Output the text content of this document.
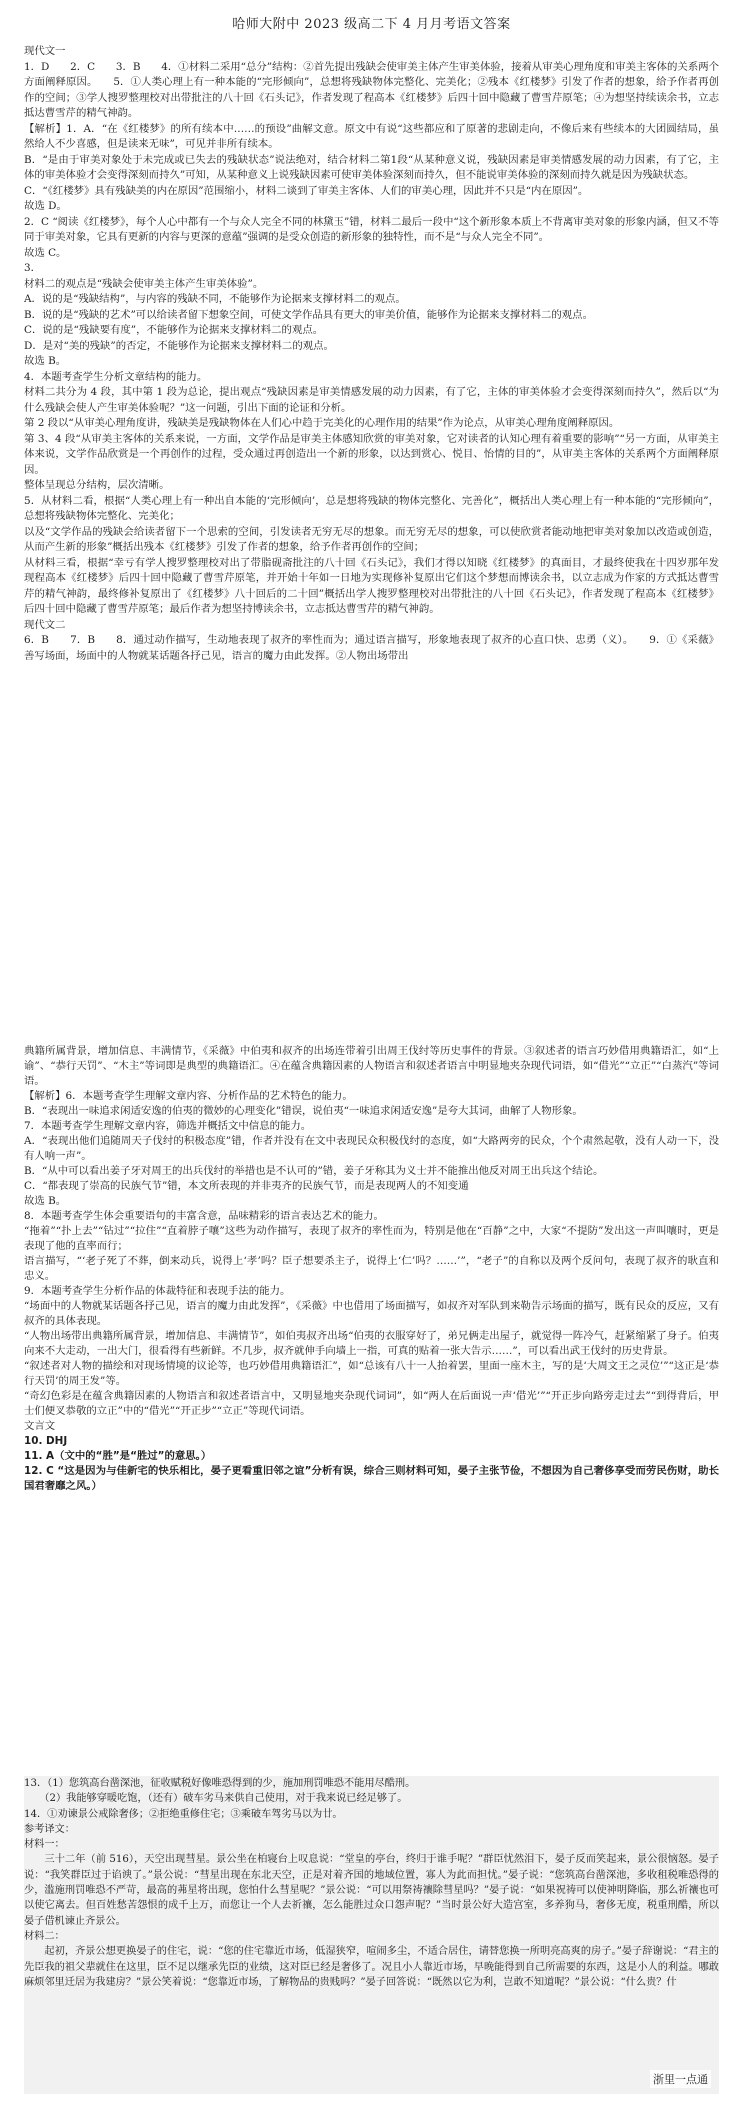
哈师大附中 2023 级高二下 4 月月考语文答案

现代文一

1．D　　2．C　　3．B　　4．①材料二采用“总分”结构：②首先提出残缺会使审美主体产生审美体验，接着从审美心理角度和审美主客体的关系两个方面阐释原因。　　5．①人类心理上有一种本能的“完形倾向”，总想将残缺物体完整化、完美化；②残本《红楼梦》引发了作者的想象，给予作者再创作的空间；③学人搜罗整理校对出带批注的八十回《石头记》，作者发现了程高本《红楼梦》后四十回中隐藏了曹雪芹原笔；④为想坚持续读余书，立志抵达曹雪芹的精气神韵。

【解析】1．A．“在《红楼梦》的所有续本中……的预设”曲解文意。原文中有说“这些都应和了原著的悲剧走向，不像后来有些续本的大团圆结局，虽然给人不少喜感，但是读来无味”，可见并非所有续本。

B．“是由于审美对象处于未完成或已失去的残缺状态”说法绝对，结合材料二第1段“从某种意义说，残缺因素是审美情感发展的动力因素，有了它，主体的审美体验才会变得深刻而持久”可知，从某种意义上说残缺因素可使审美体验深刻而持久，但不能说审美体验的深刻而持久就是因为残缺状态。

C．“《红楼梦》具有残缺美的内在原因”范围缩小，材料二谈到了审美主客体、人们的审美心理，因此并不只是“内在原因”。

故选 D。

2．C “阅读《红楼梦》，每个人心中都有一个与众人完全不同的林黛玉”错，材料二最后一段中“这个新形象本质上不背离审美对象的形象内涵，但又不等同于审美对象，它具有更新的内容与更深的意蕴”强调的是受众创造的新形象的独特性，而不是“与众人完全不同”。

故选 C。

3．

材料二的观点是“残缺会使审美主体产生审美体验”。

A．说的是“残缺结构”，与内容的残缺不同，不能够作为论据来支撑材料二的观点。

B．说的是“残缺的艺术”可以给读者留下想象空间，可使文学作品具有更大的审美价值，能够作为论据来支撑材料二的观点。

C．说的是“残缺要有度”，不能够作为论据来支撑材料二的观点。

D．是对“美的残缺”的否定，不能够作为论据来支撑材料二的观点。

故选 B。

4．本题考查学生分析文章结构的能力。

材料二共分为 4 段，其中第 1 段为总论，提出观点“残缺因素是审美情感发展的动力因素，有了它，主体的审美体验才会变得深刻而持久”，然后以“为什么残缺会使人产生审美体验呢？”这一问题，引出下面的论证和分析。

第 2 段以“从审美心理角度讲，残缺美是残缺物体在人们心中趋于完美化的心理作用的结果”作为论点，从审美心理角度阐释原因。

第 3、4 段“从审美主客体的关系来说，一方面，文学作品是审美主体感知欣赏的审美对象，它对读者的认知心理有着重要的影响”“另一方面，从审美主体来说，文学作品欣赏是一个再创作的过程，受众通过再创造出一个新的形象，以达到赏心、悦目、怡情的目的”，从审美主客体的关系两个方面阐释原因。

整体呈现总分结构，层次清晰。

5．从材料二看，根据“人类心理上有一种出自本能的‘完形倾向’，总是想将残缺的物体完整化、完善化”，概括出人类心理上有一种本能的“完形倾向”，总想将残缺物体完整化、完美化；

以及“文学作品的残缺会给读者留下一个思索的空间，引发读者无穷无尽的想象。而无穷无尽的想象，可以使欣赏者能动地把审美对象加以改造或创造，从而产生新的形象”概括出残本《红楼梦》引发了作者的想象，给予作者再创作的空间；

从材料三看，根据“幸亏有学人搜罗整理校对出了带脂砚斋批注的八十回《石头记》，我们才得以知晓《红楼梦》的真面目，才最终使我在十四岁那年发现程高本《红楼梦》后四十回中隐藏了曹雪芹原笔，并开始十年如一日地为实现修补复原出它们这个梦想而博读余书，以立志成为作家的方式抵达曹雪芹的精气神韵，最终修补复原出了《红楼梦》八十回后的二十回”概括出学人搜罗整理校对出带批注的八十回《石头记》，作者发现了程高本《红楼梦》后四十回中隐藏了曹雪芹原笔；最后作者为想坚持博读余书，立志抵达曹雪芹的精气神韵。

现代文二

6．B　　7．B　　8．通过动作描写，生动地表现了叔齐的率性而为；通过语言描写，形象地表现了叔齐的心直口快、忠勇（义）。　　9．①《采薇》善写场面，场面中的人物就某话题各抒己见，语言的魔力由此发挥。②人物出场带出

典籍所属背景，增加信息、丰满情节，《采薇》中伯夷和叔齐的出场连带着引出周王伐纣等历史事件的背景。③叙述者的语言巧妙借用典籍语汇，如“上谕”、“恭行天罚”、“木主”等词即是典型的典籍语汇。④在蕴含典籍因素的人物语言和叙述者语言中明显地夹杂现代词语，如“借光”“立正”“白蒸汽”等词语。

【解析】6．本题考查学生理解文章内容、分析作品的艺术特色的能力。

B．“表现出一味追求闲适安逸的伯夷的微妙的心理变化”错误，说伯夷“一味追求闲适安逸”是夸大其词，曲解了人物形象。

7．本题考查学生理解文章内容，筛选并概括文中信息的能力。

A．“表现出他们追随周天子伐纣的积极态度”错，作者并没有在文中表现民众积极伐纣的态度，如“大路两旁的民众，个个肃然起敬，没有人动一下，没有人响一声”。

B．“从中可以看出姜子牙对周王的出兵伐纣的举措也是不认可的”错，姜子牙称其为义士并不能推出他反对周王出兵这个结论。

C．“都表现了崇高的民族气节”错，本文所表现的并非夷齐的民族气节，而是表现两人的不知变通

故选 B。

8．本题考查学生体会重要语句的丰富含意，品味精彩的语言表达艺术的能力。

“拖着”“扑上去”“钻过”“拉住”“直着脖子嚷”这些为动作描写，表现了叔齐的率性而为，特别是他在“百静”之中，大家“不提防”发出这一声叫嚷时，更是表现了他的直率而行；

语言描写，“‘老子死了不葬，倒来动兵，说得上‘孝’吗？臣子想要杀主子，说得上‘仁’吗？……’”，“老子”的自称以及两个反问句，表现了叔齐的耿直和忠义。

9．本题考查学生分析作品的体裁特征和表现手法的能力。

“场面中的人物就某话题各抒己见，语言的魔力由此发挥”，《采薇》中也借用了场面描写，如叔齐对军队到来勒告示场面的描写，既有民众的反应，又有叔齐的具体表现。

“人物出场带出典籍所属背景，增加信息、丰满情节”，如伯夷叔齐出场“伯夷的衣服穿好了，弟兄俩走出屋子，就觉得一阵冷气，赶紧缩紧了身子。伯夷向来不大走动，一出大门，很看得有些新鲜。不几步，叔齐就伸手向墙上一指，可真的贴着一张大告示……”，可以看出武王伐纣的历史背景。

“叙述者对人物的描绘和对现场情境的议论等，也巧妙借用典籍语汇”，如“总该有八十一人抬着罢，里面一座木主，写的是‘大周文王之灵位’”“这正是‘恭行天罚’的周王发”等。

“奇幻色彩是在蕴含典籍因素的人物语言和叙述者语言中，又明显地夹杂现代词词”，如“两人在后面说一声‘借光’”“开正步向路旁走过去”“到得背后，甲士们便叉恭敬的立正”中的“借光”“开正步”“立正”等现代词语。

文言文

10. DHJ

11. A（文中的“胜”是“胜过”的意思。）

12. C “这是因为与佳新宅的快乐相比，晏子更看重旧邻之谊”分析有误，综合三则材料可知，晏子主张节俭，不想因为自己奢侈享受而劳民伤财，助长国君奢靡之风。）

13．（1）您筑高台凿深池，征收赋税好像唯恐得到的少，施加刑罚唯恐不能用尽酷刑。

　　（2）我能够穿暖吃饱，（还有）破车劣马来供自己使用，对于我来说已经足够了。

14．①劝谏景公戒除奢侈；②拒绝重修住宅；③乘破车驾劣马以为廿。

参考译文：

材料一：

　　三十二年（前 516），天空出现彗星。景公坐在柏寝台上叹息说：“堂皇的亭台，终归于谁手呢？”群臣忧然泪下，晏子反而笑起来，景公很恼怒。晏子说：“我笑群臣过于谄谀了。”景公说：“彗星出现在东北天空，正是对着齐国的地域位置，寡人为此而担忧。”晏子说：“您筑高台凿深池，多收租税唯恐得的少，滥施刑罚唯恐不严苛，最高的茀星将出现，您怕什么彗星呢？”景公说：“可以用祭祷禳除彗星吗？”晏子说：“如果祝祷可以使神明降临，那么祈禳也可以使它离去。但百姓愁苦怨恨的成千上万，而您让一个人去祈禳，怎么能胜过众口怨声呢？”当时景公好大造宫室，多养狗马，奢侈无度，税重刑酷，所以晏子借机谏止齐景公。

材料二：

　　起初，齐景公想更换晏子的住宅，说：“您的住宅靠近市场，低湿狭窄，喧闹多尘，不适合居住，请替您换一所明亮高爽的房子。”晏子辞谢说：“君主的先臣我的祖父辈就住在这里，臣不足以继承先臣的业绩，这对臣已经是奢侈了。况且小人靠近市场，早晚能得到自己所需要的东西，这是小人的利益。哪敢麻烦邻里迁居为我建房？”景公笑着说：“您靠近市场，了解物品的贵贱吗？”晏子回答说：“既然以它为利，岂敢不知道呢？”景公说：“什么贵？什

浙里一点通
